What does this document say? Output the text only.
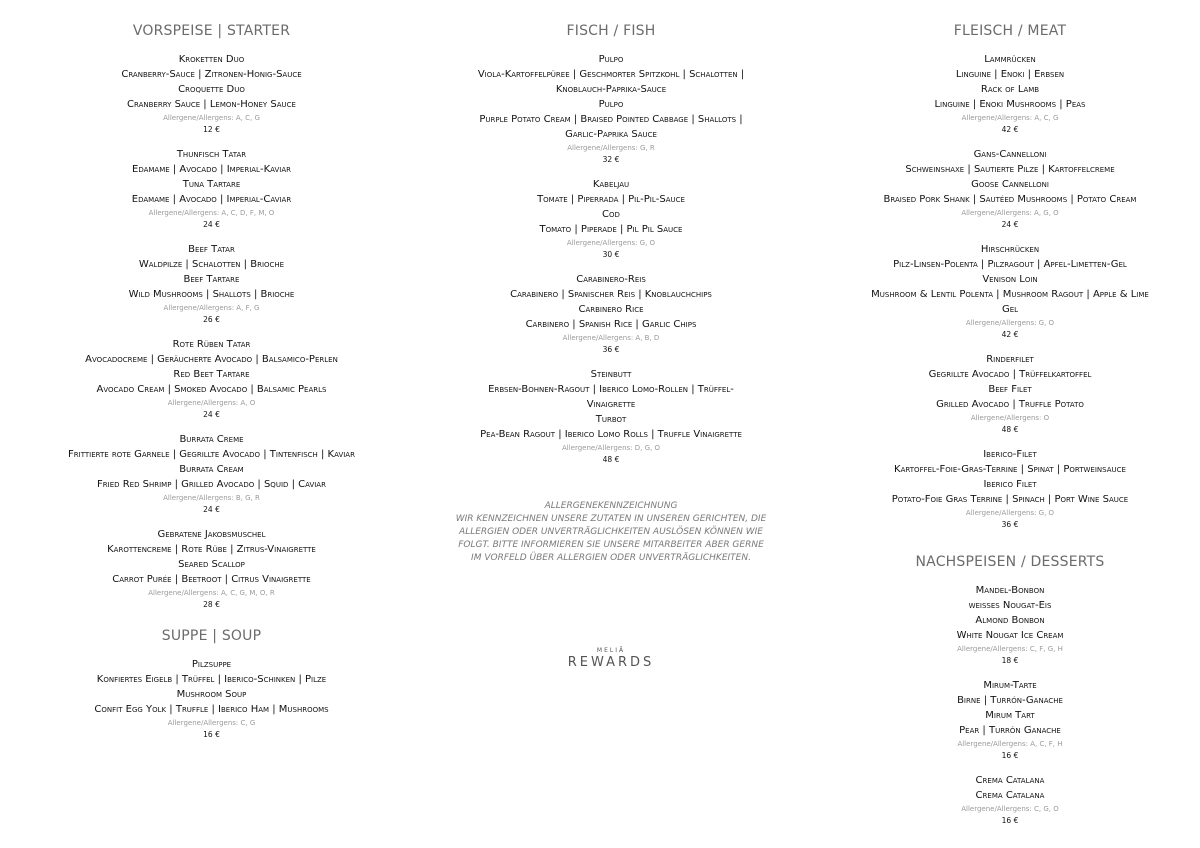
VORSPEISE | STARTER

Kroketten Duo

Cranberry-Sauce | Zitronen-Honig-Sauce

Croquette Duo

Cranberry Sauce | Lemon-Honey Sauce

Allergene/Allergens: A, C, G

12 €

Thunfisch Tatar

Edamame | Avocado | Imperial-Kaviar

Tuna Tartare

Edamame | Avocado | Imperial-Caviar

Allergene/Allergens: A, C, D, F, M, O

24 €

Beef Tatar

Waldpilze | Schalotten | Brioche

Beef Tartare

Wild Mushrooms | Shallots | Brioche

Allergene/Allergens: A, F, G

26 €

Rote Rüben Tatar

Avocadocreme | Geräucherte Avocado | Balsamico-Perlen

Red Beet Tartare

Avocado Cream | Smoked Avocado | Balsamic Pearls

Allergene/Allergens: A, O

24 €

Burrata Creme

Frittierte rote Garnele | Gegrillte Avocado | Tintenfisch | Kaviar

Burrata Cream

Fried Red Shrimp | Grilled Avocado | Squid | Caviar

Allergene/Allergens: B, G, R

24 €

Gebratene Jakobsmuschel

Karottencreme | Rote Rübe | Zitrus-Vinaigrette

Seared Scallop

Carrot Purée | Beetroot | Citrus Vinaigrette

Allergene/Allergens: A, C, G, M, O, R

28 €

SUPPE | SOUP

Pilzsuppe

Konfiertes Eigelb | Trüffel | Iberico-Schinken | Pilze

Mushroom Soup

Confit Egg Yolk | Truffle | Iberico Ham | Mushrooms

Allergene/Allergens: C, G

16 €

FISCH / FISH

Pulpo

Viola-Kartoffelpüree | Geschmorter Spitzkohl | Schalotten |

Knoblauch-Paprika-Sauce

Pulpo

Purple Potato Cream | Braised Pointed Cabbage | Shallots |

Garlic-Paprika Sauce

Allergene/Allergens: G, R

32 €

Kabeljau

Tomate | Piperrada | Pil-Pil-Sauce

Cod

Tomato | Piperade | Pil Pil Sauce

Allergene/Allergens: G, O

30 €

Carabinero-Reis

Carabinero | Spanischer Reis | Knoblauchchips

Carbinero Rice

Carbinero | Spanish Rice | Garlic Chips

Allergene/Allergens: A, B, D

36 €

Steinbutt

Erbsen-Bohnen-Ragout | Iberico Lomo-Rollen | Trüffel-

Vinaigrette

Turbot

Pea-Bean Ragout | Iberico Lomo Rolls | Truffle Vinaigrette

Allergene/Allergens: D, G, O

48 €

ALLERGENEKENNZEICHNUNG

WIR KENNZEICHNEN UNSERE ZUTATEN IN UNSEREN GERICHTEN, DIE

ALLERGIEN ODER UNVERTRÄGLICHKEITEN AUSLÖSEN KÖNNEN WIE

FOLGT. BITTE INFORMIEREN SIE UNSERE MITARBEITER ABER GERNE

IM VORFELD ÜBER ALLERGIEN ODER UNVERTRÄGLICHKEITEN.

MELIÃ
REWARDS
FLEISCH / MEAT

Lammrücken

Linguine | Enoki | Erbsen

Rack of Lamb

Linguine | Enoki Mushrooms | Peas

Allergene/Allergens: A, C, G

42 €

Gans-Cannelloni

Schweinshaxe | Sautierte Pilze | Kartoffelcreme

Goose Cannelloni

Braised Pork Shank | Sautéed Mushrooms | Potato Cream

Allergene/Allergens: A, G, O

24 €

Hirschrücken

Pilz-Linsen-Polenta | Pilzragout | Apfel-Limetten-Gel

Venison Loin

Mushroom & Lentil Polenta | Mushroom Ragout | Apple & Lime

Gel

Allergene/Allergens: G, O

42 €

Rinderfilet

Gegrillte Avocado | Trüffelkartoffel

Beef Filet

Grilled Avocado | Truffle Potato

Allergene/Allergens: O

48 €

Iberico-Filet

Kartoffel-Foie-Gras-Terrine | Spinat | Portweinsauce

Iberico Filet

Potato-Foie Gras Terrine | Spinach | Port Wine Sauce

Allergene/Allergens: G, O

36 €

NACHSPEISEN / DESSERTS

Mandel-Bonbon

weißes Nougat-Eis

Almond Bonbon

White Nougat Ice Cream

Allergene/Allergens: C, F, G, H

18 €

Mirum-Tarte

Birne | Turrón-Ganache

Mirum Tart

Pear | Turrón Ganache

Allergene/Allergens: A, C, F, H

16 €

Crema Catalana

Crema Catalana

Allergene/Allergens: C, G, O

16 €
